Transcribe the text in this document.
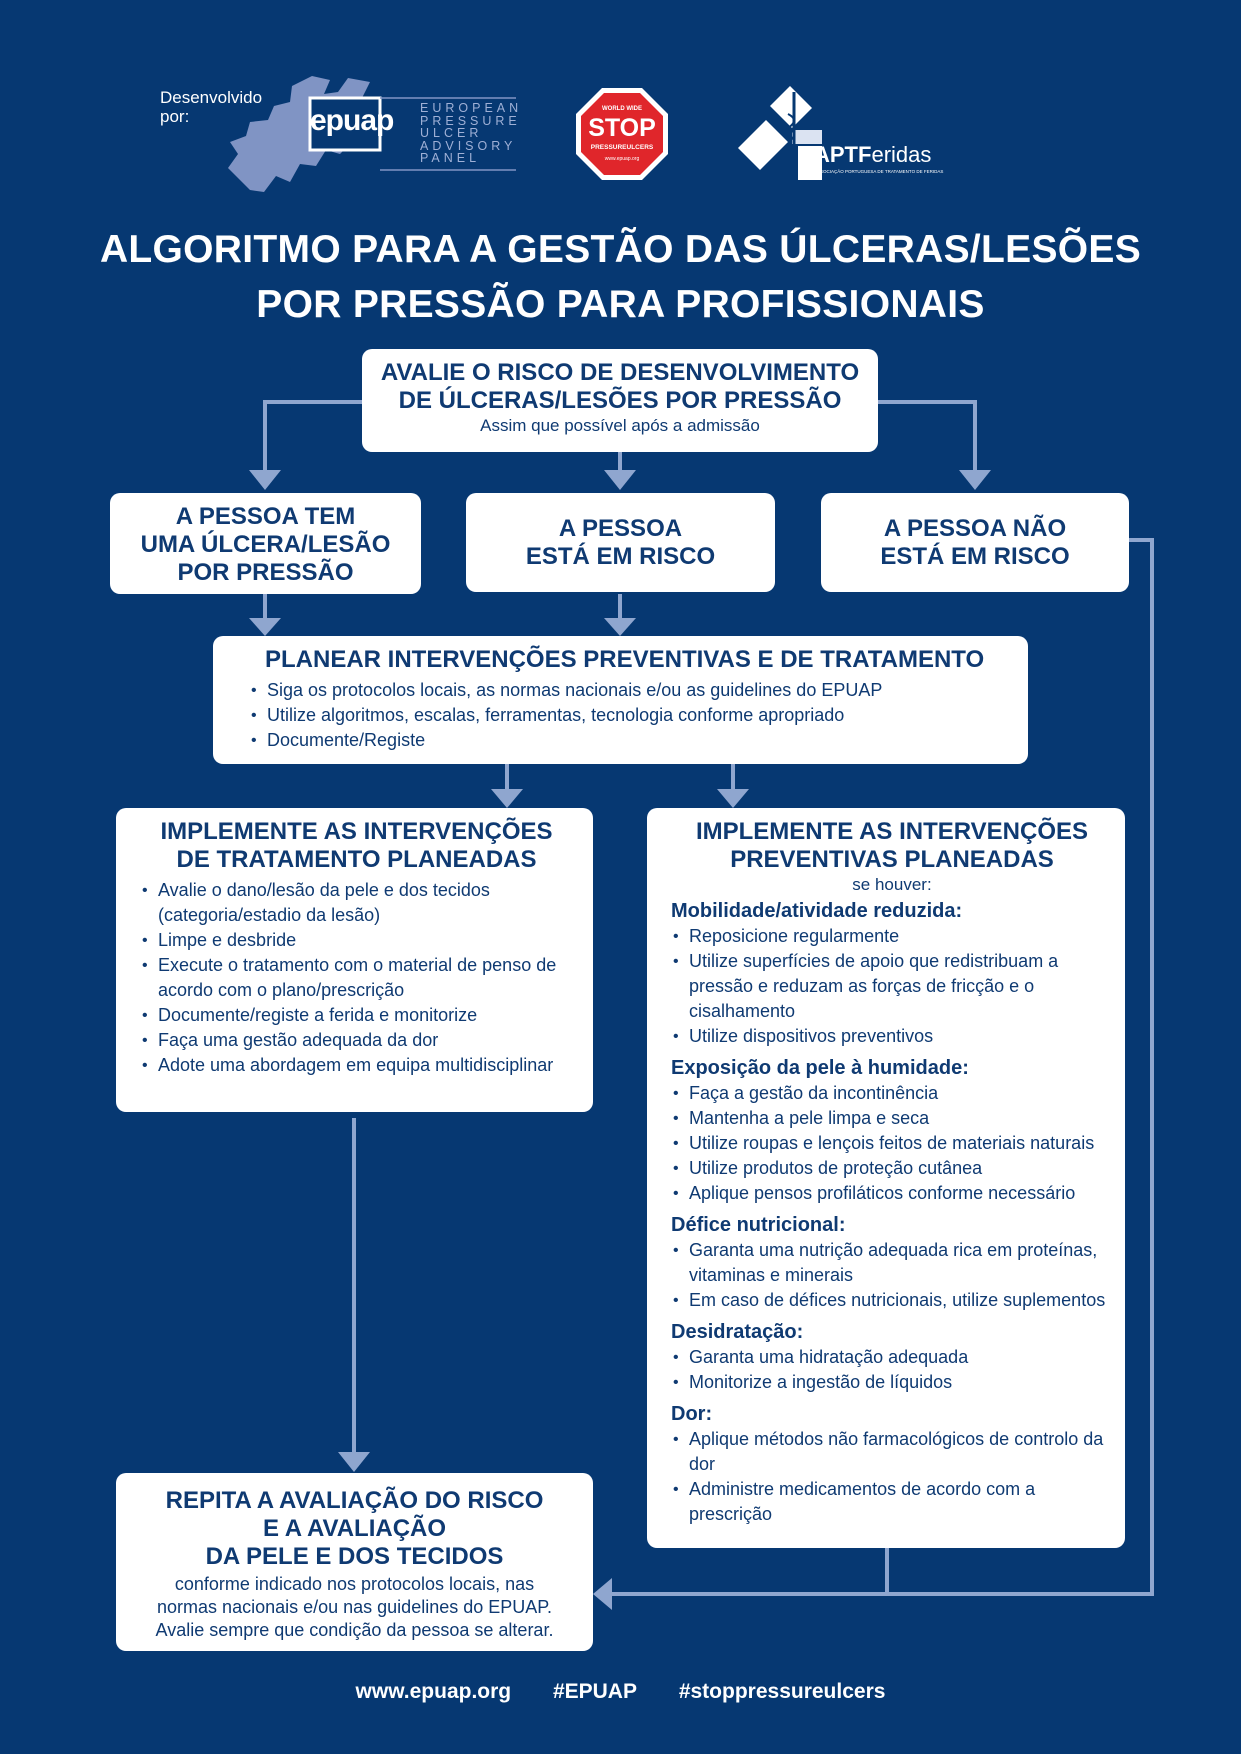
Desenvolvido por:	epuap EUROPEAN
PRESSURE
ULCER
ADVISORY
PANEL
WORLD WIDE
STOP
PRESSUREULCERS
www.epuap.org	APTFeridas
ASSOCIAÇÃO PORTUGUESA DE TRATAMENTO DE FERIDAS
ALGORITMO PARA A GESTÃO DAS ÚLCERAS/LESÕES
POR PRESSÃO PARA PROFISSIONAIS
AVALIE O RISCO DE DESENVOLVIMENTO
DE ÚLCERAS/LESÕES POR PRESSÃO
Assim que possível após a admissão
A PESSOA TEM
UMA ÚLCERA/LESÃO
POR PRESSÃO
A PESSOA
ESTÁ EM RISCO
A PESSOA NÃO
ESTÁ EM RISCO
PLANEAR INTERVENÇÕES PREVENTIVAS E DE TRATAMENTO
• Siga os protocolos locais, as normas nacionais e/ou as guidelines do EPUAP
• Utilize algoritmos, escalas, ferramentas, tecnologia conforme apropriado
• Documente/Registe
IMPLEMENTE AS INTERVENÇÕES
DE TRATAMENTO PLANEADAS
• Avalie o dano/lesão da pele e dos tecidos (categoria/estadio da lesão)
• Limpe e desbride
• Execute o tratamento com o material de penso de acordo com o plano/prescrição
• Documente/registe a ferida e monitorize
• Faça uma gestão adequada da dor
• Adote uma abordagem em equipa multidisciplinar
IMPLEMENTE AS INTERVENÇÕES
PREVENTIVAS PLANEADAS
se houver:
Mobilidade/atividade reduzida:
• Reposicione regularmente
• Utilize superfícies de apoio que redistribuam a pressão e reduzam as forças de fricção e o cisalhamento
• Utilize dispositivos preventivos
Exposição da pele à humidade:
• Faça a gestão da incontinência
• Mantenha a pele limpa e seca
• Utilize roupas e lençois feitos de materiais naturais
• Utilize produtos de proteção cutânea
• Aplique pensos profiláticos conforme necessário
Défice nutricional:
• Garanta uma nutrição adequada rica em proteínas, vitaminas e minerais
• Em caso de défices nutricionais, utilize suplementos
Desidratação:
• Garanta uma hidratação adequada
• Monitorize a ingestão de líquidos
Dor:
• Aplique métodos não farmacológicos de controlo da dor
• Administre medicamentos de acordo com a prescrição
REPITA A AVALIAÇÃO DO RISCO
E A AVALIAÇÃO
DA PELE E DOS TECIDOS
conforme indicado nos protocolos locais, nas
normas nacionais e/ou nas guidelines do EPUAP.
Avalie sempre que condição da pessoa se alterar.
www.epuap.org #EPUAP #stoppressureulcers
